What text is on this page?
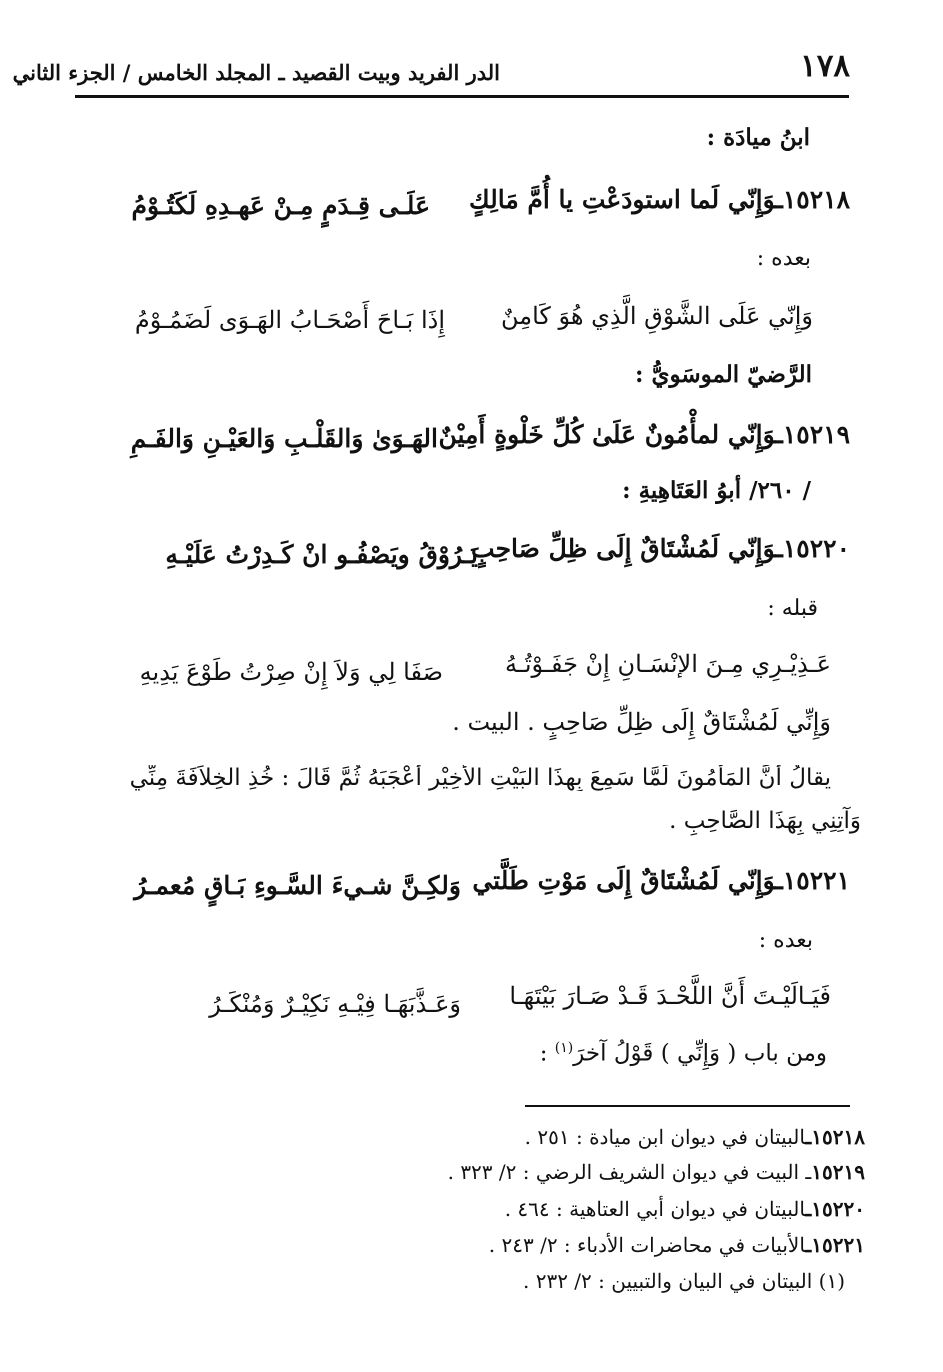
١٧٨
الدر الفريد وبيت القصيد ـ المجلد الخامس / الجزء الثاني
ابنُ ميادَة :
١٥٢١٨ـوَإِنّي لَما استودَعْتِ يا أُمَّ مَالِكٍ
عَلَـى قِـدَمٍ مِـنْ عَهـدِهِ لَكَتُـوْمُ
بعده :
وَإِنّي عَلَى الشَّوْقِ الَّذِي هُوَ كَامِنٌ
إِذَا بَـاحَ أَصْحَـابُ الهَـوَى لَضَمُـوْمُ
الرَّضيّ الموسَويُّ :
١٥٢١٩ـوَإِنّي لمأْمُونٌ عَلَىٰ كُلِّ خَلْوةٍ أَمِيْنٌ
الهَـوَىٰ وَالقَلْـبِ وَالعَيْـنِ وَالفَـمِ
/ ٢٦٠/ أبوُ العَتَاهِيةِ :
١٥٢٢٠ـوَإِنّي لَمُشْتَاقٌ إِلَى ظِلِّ صَاحِبٍ
يَـرُوْقُ ويَصْفُـو انْ كَـدِرْتُ عَلَيْـهِ
قبله :
عَـذِيْـرِي مِـنَ الإنْسَـانِ إِنْ جَفَـوْتُـهُ
صَفَا لِي وَلاَ إِنْ صِرْتُ طَوْعَ يَدِيهِ
وَإِنِّي لَمُشْتَاقٌ إِلَى ظِلِّ صَاحِبٍ . البيت .
يقالُ أَنَّ المَأْمُونَ لَمَّا سَمِعَ بِهذَا البَيْتِ الأَخِيْرِ أَعْجَبَهُ ثُمَّ قَالَ : خُذِ الخِلاَفَةَ مِنِّي
وَآتِنِي بِهَذَا الصَّاحِبِ .
١٥٢٢١ـوَإِنّي لَمُشْتَاقٌ إِلَى مَوْتِ طَلَّتي
وَلكِـنَّ شـيءَ السَّـوءِ بَـاقٍ مُعمـرُ
بعده :
فَيَـالَيْـتَ أَنَّ اللَّحْـدَ قَـدْ صَـارَ بَيْتَهَـا
وَعَـذَّبَهَـا فِيْـهِ نَكِيْـرٌ وَمُنْكَـرُ
ومن باب ( وَإِنِّي ) قَوْلُ آخرَ$^{(١)}$ :
١٥٢١٨ـالبيتان في ديوان ابن ميادة : ٢٥١ .
١٥٢١٩ـ البيت في ديوان الشريف الرضي : ٢/ ٣٢٣ .
١٥٢٢٠ـالبيتان في ديوان أبي العتاهية : ٤٦٤ .
١٥٢٢١ـالأبيات في محاضرات الأدباء : ٢/ ٢٤٣ .
(١) البيتان في البيان والتبيين : ٢/ ٢٣٢ .
